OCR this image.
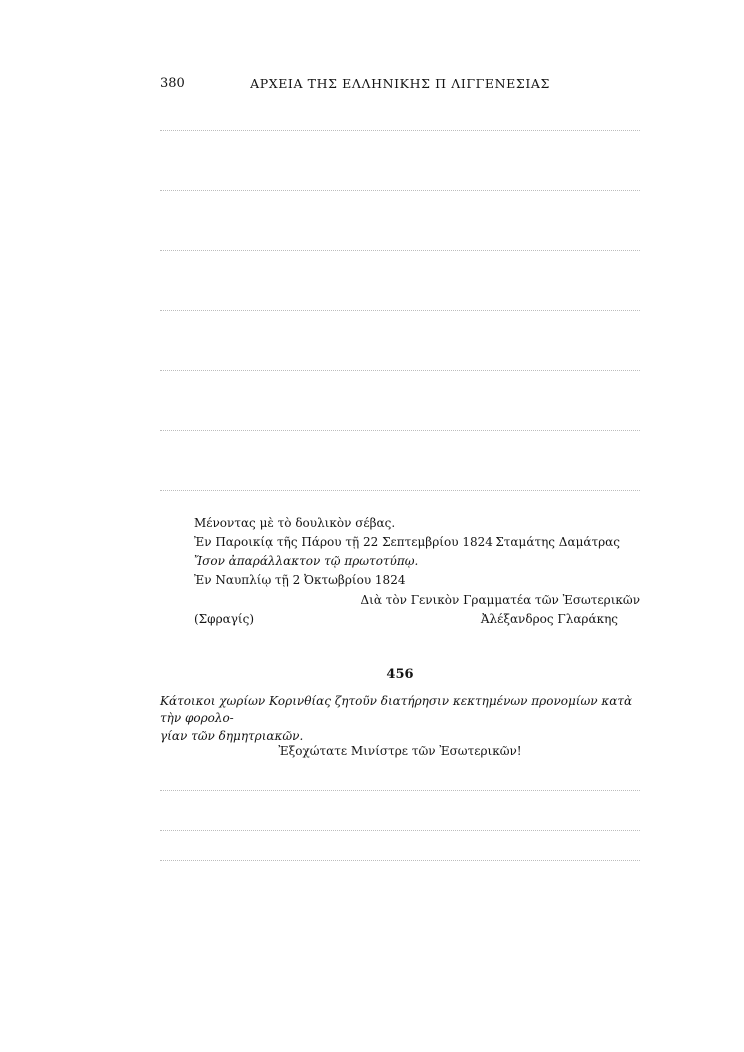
380	ΑΡΧΕΙΑ ΤΗΣ ΕΛΛΗΝΙΚΗΣ Π ΛΙΓΓΕΝΕΣΙΑΣ
Μένοντας μὲ τὸ δουλικὸν σέβας.
Ἐν Παροικίᾳ τῆς Πάρου τῇ 22 Σεπτεμβρίου 1824 Σταμάτης Δαμάτρας
Ἴσον ἀπαράλλακτον τῷ πρωτοτύπῳ.
Ἐν Ναυπλίῳ τῇ 2 Ὀκτωβρίου 1824
Διὰ τὸν Γενικὸν Γραμματέα τῶν Ἐσωτερικῶν
(Σφραγίς)	Ἀλέξανδρος Γλαράκης
456
Κάτοικοι χωρίων Κορινθίας ζητοῦν διατήρησιν κεκτημένων προνομίων κατὰ τὴν φορολο-
γίαν τῶν δημητριακῶν.
Ἐξοχώτατε Μινίστρε τῶν Ἐσωτερικῶν!
